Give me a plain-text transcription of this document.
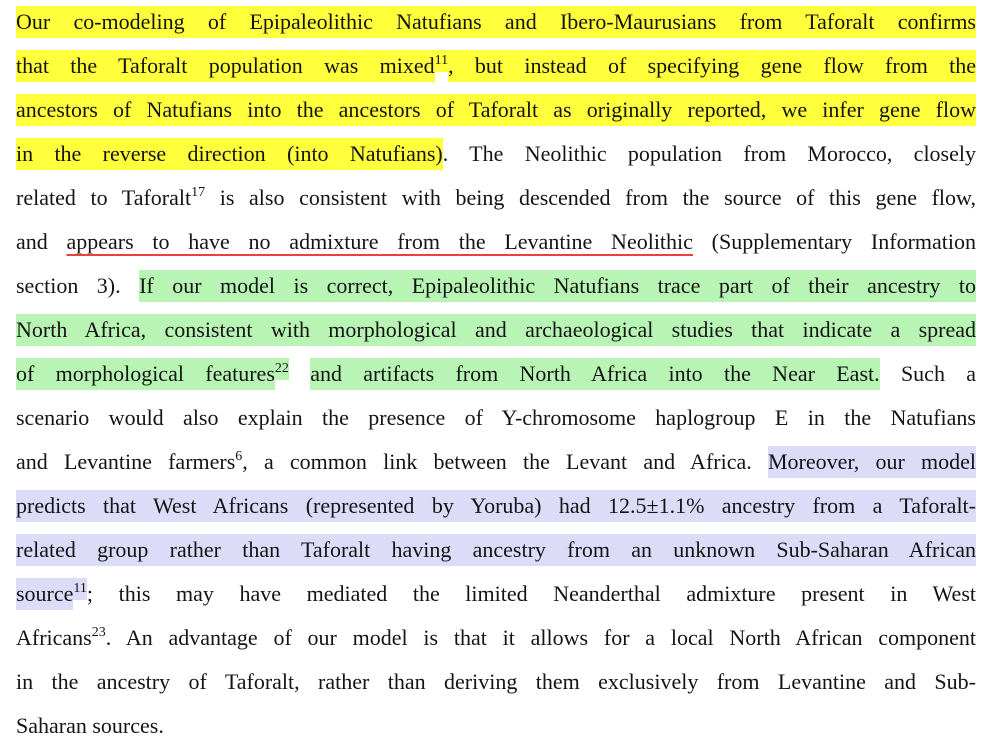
Our co-modeling of Epipaleolithic Natufians and Ibero-Maurusians from Taforalt confirms
that the Taforalt population was mixed$^{11}$, but instead of specifying gene flow from the
ancestors of Natufians into the ancestors of Taforalt as originally reported, we infer gene flow
in the reverse direction (into Natufians). The Neolithic population from Morocco, closely
related to Taforalt$^{17}$ is also consistent with being descended from the source of this gene flow,
and appears to have no admixture from the Levantine Neolithic (Supplementary Information
section 3). If our model is correct, Epipaleolithic Natufians trace part of their ancestry to
North Africa, consistent with morphological and archaeological studies that indicate a spread
of morphological features$^{22}$ and artifacts from North Africa into the Near East. Such a
scenario would also explain the presence of Y-chromosome haplogroup E in the Natufians
and Levantine farmers$^6$, a common link between the Levant and Africa. Moreover, our model
predicts that West Africans (represented by Yoruba) had 12.5±1.1% ancestry from a Taforalt-
related group rather than Taforalt having ancestry from an unknown Sub-Saharan African
source$^{11}$; this may have mediated the limited Neanderthal admixture present in West
Africans$^{23}$. An advantage of our model is that it allows for a local North African component
in the ancestry of Taforalt, rather than deriving them exclusively from Levantine and Sub-
Saharan sources.
